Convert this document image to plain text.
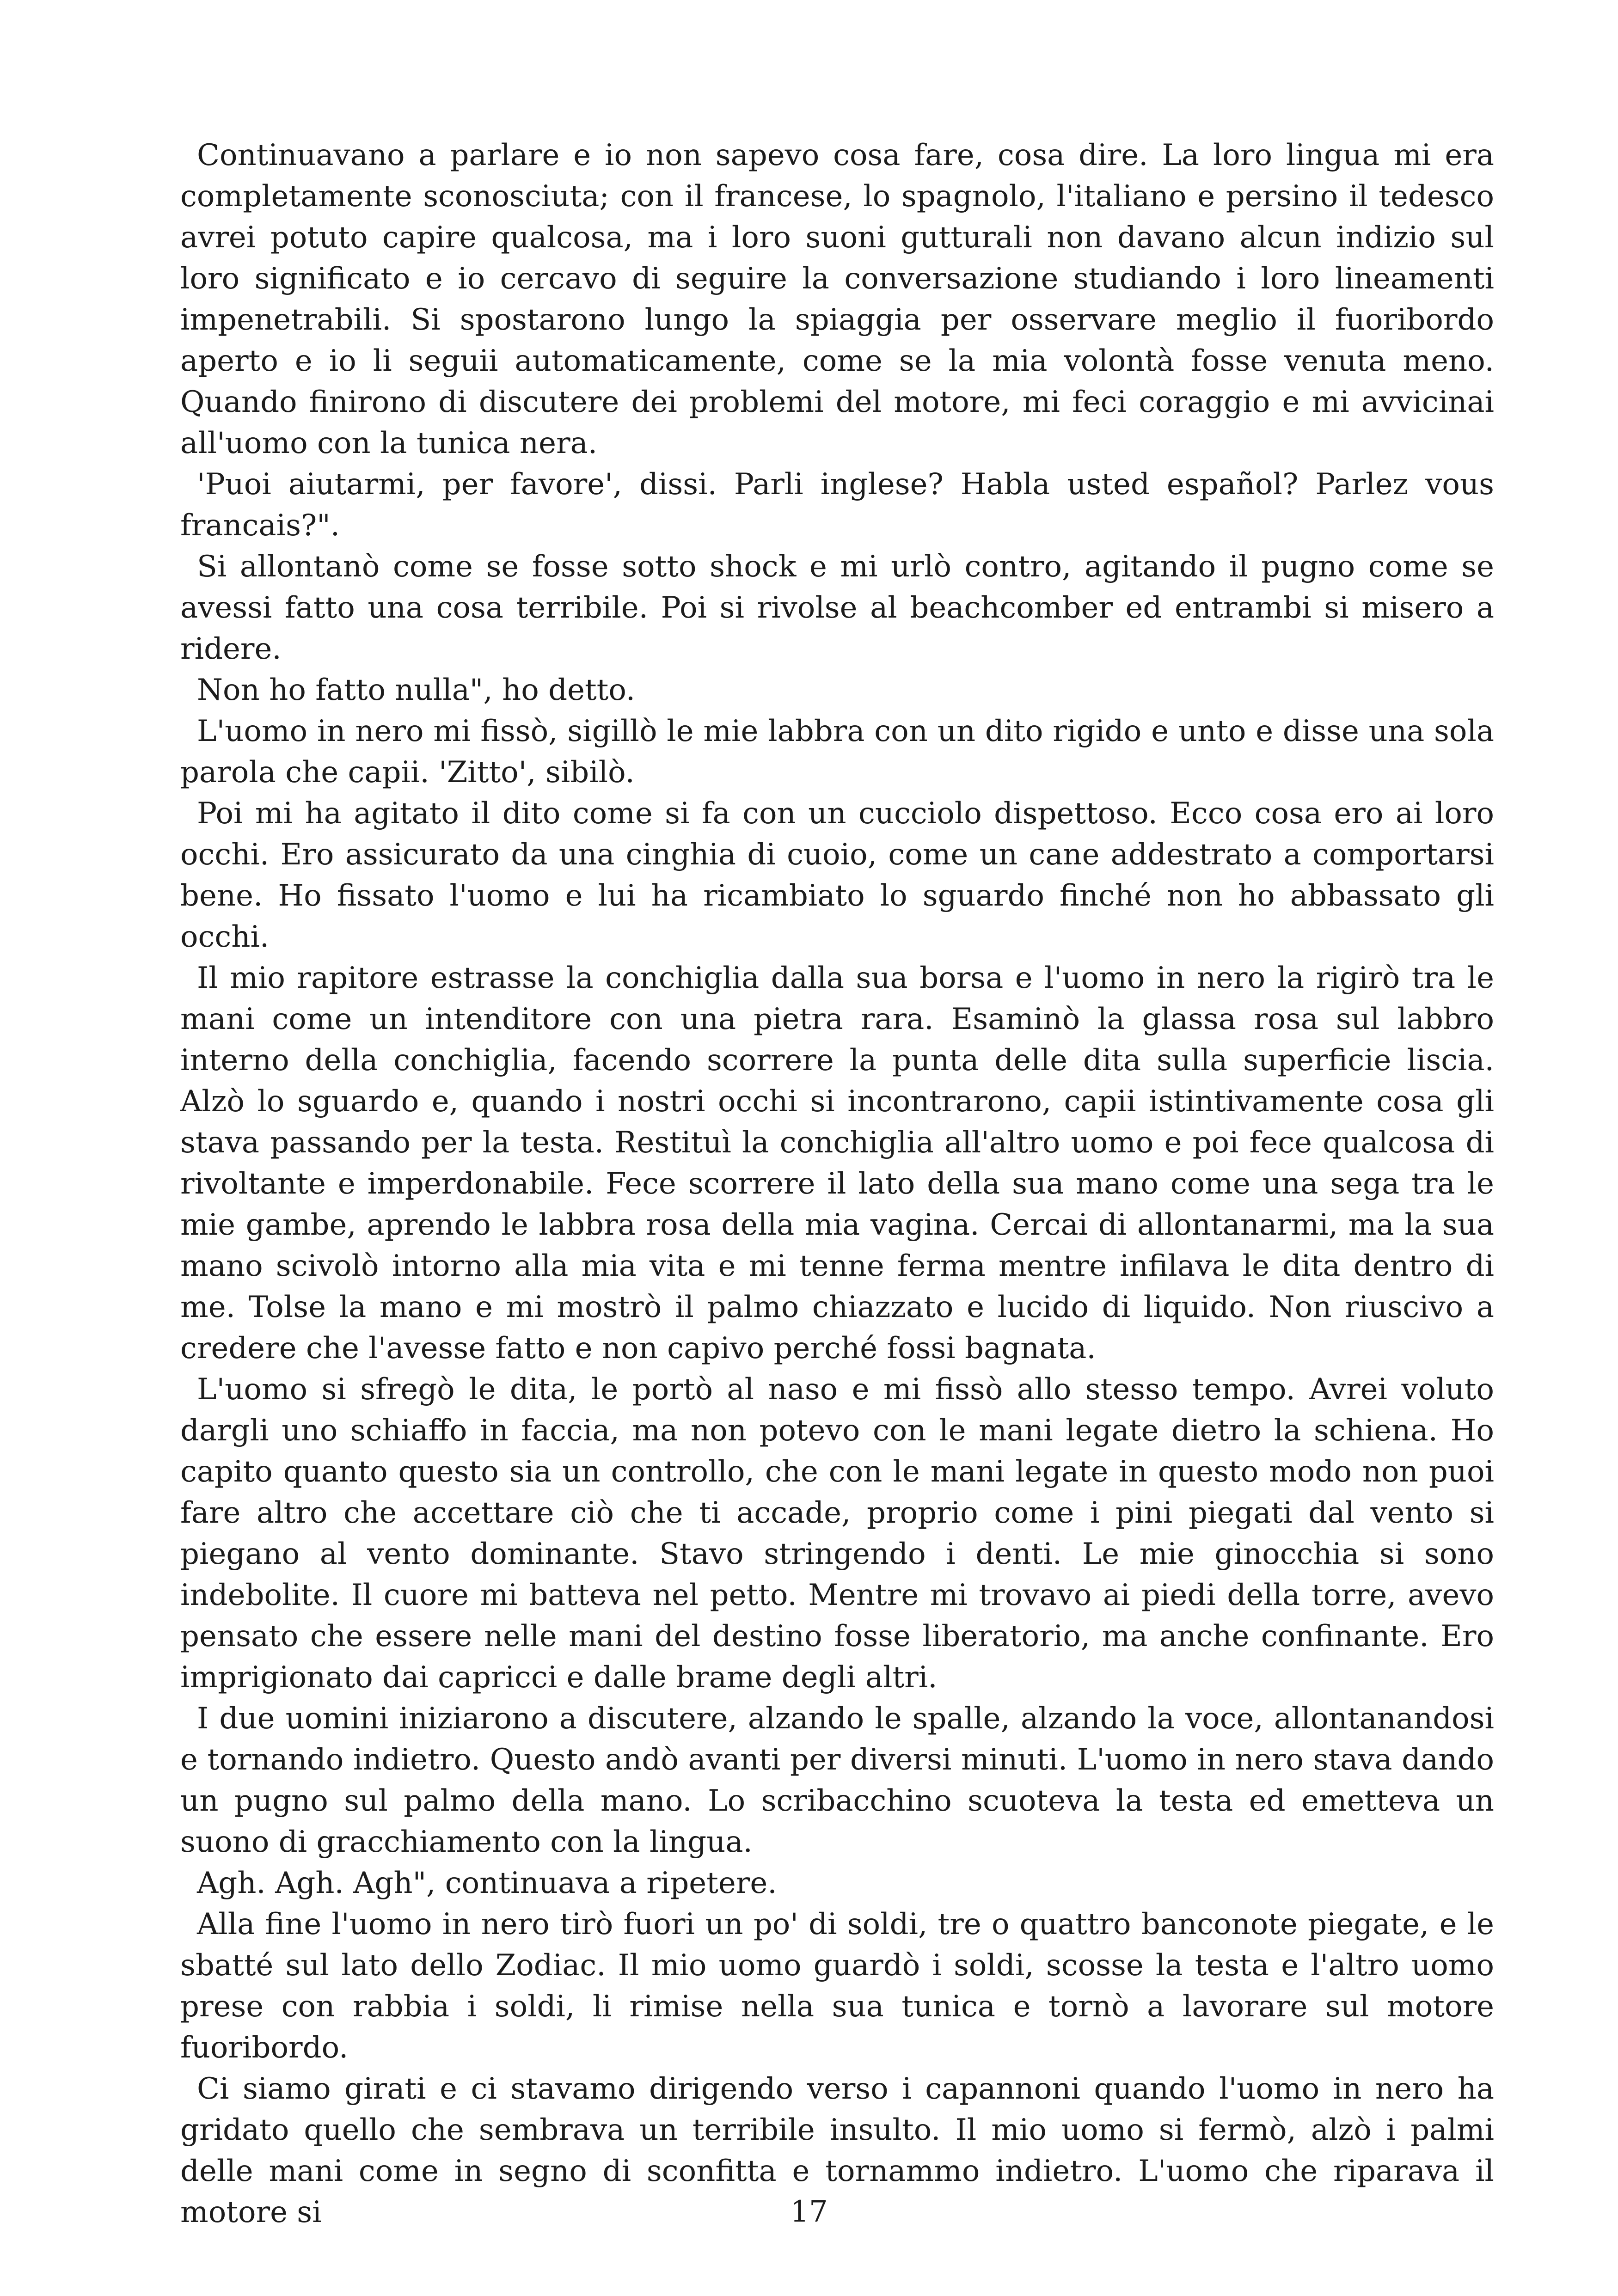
Continuavano a parlare e io non sapevo cosa fare, cosa dire. La loro lingua mi era completamente sconosciuta; con il francese, lo spagnolo, l'italiano e persino il tedesco avrei potuto capire qualcosa, ma i loro suoni gutturali non davano alcun indizio sul loro significato e io cercavo di seguire la conversazione studiando i loro lineamenti impenetrabili. Si spostarono lungo la spiaggia per osservare meglio il fuoribordo aperto e io li seguii automaticamente, come se la mia volontà fosse venuta meno. Quando finirono di discutere dei problemi del motore, mi feci coraggio e mi avvicinai all'uomo con la tunica nera.

'Puoi aiutarmi, per favore', dissi. Parli inglese? Habla usted español? Parlez vous francais?".

Si allontanò come se fosse sotto shock e mi urlò contro, agitando il pugno come se avessi fatto una cosa terribile. Poi si rivolse al beachcomber ed entrambi si misero a ridere.

Non ho fatto nulla", ho detto.

L'uomo in nero mi fissò, sigillò le mie labbra con un dito rigido e unto e disse una sola parola che capii. 'Zitto', sibilò.

Poi mi ha agitato il dito come si fa con un cucciolo dispettoso. Ecco cosa ero ai loro occhi. Ero assicurato da una cinghia di cuoio, come un cane addestrato a comportarsi bene. Ho fissato l'uomo e lui ha ricambiato lo sguardo finché non ho abbassato gli occhi.

Il mio rapitore estrasse la conchiglia dalla sua borsa e l'uomo in nero la rigirò tra le mani come un intenditore con una pietra rara. Esaminò la glassa rosa sul labbro interno della conchiglia, facendo scorrere la punta delle dita sulla superficie liscia. Alzò lo sguardo e, quando i nostri occhi si incontrarono, capii istintivamente cosa gli stava passando per la testa. Restituì la conchiglia all'altro uomo e poi fece qualcosa di rivoltante e imperdonabile. Fece scorrere il lato della sua mano come una sega tra le mie gambe, aprendo le labbra rosa della mia vagina. Cercai di allontanarmi, ma la sua mano scivolò intorno alla mia vita e mi tenne ferma mentre infilava le dita dentro di me. Tolse la mano e mi mostrò il palmo chiazzato e lucido di liquido. Non riuscivo a credere che l'avesse fatto e non capivo perché fossi bagnata.

L'uomo si sfregò le dita, le portò al naso e mi fissò allo stesso tempo. Avrei voluto dargli uno schiaffo in faccia, ma non potevo con le mani legate dietro la schiena. Ho capito quanto questo sia un controllo, che con le mani legate in questo modo non puoi fare altro che accettare ciò che ti accade, proprio come i pini piegati dal vento si piegano al vento dominante. Stavo stringendo i denti. Le mie ginocchia si sono indebolite. Il cuore mi batteva nel petto. Mentre mi trovavo ai piedi della torre, avevo pensato che essere nelle mani del destino fosse liberatorio, ma anche confinante. Ero imprigionato dai capricci e dalle brame degli altri.

I due uomini iniziarono a discutere, alzando le spalle, alzando la voce, allontanandosi e tornando indietro. Questo andò avanti per diversi minuti. L'uomo in nero stava dando un pugno sul palmo della mano. Lo scribacchino scuoteva la testa ed emetteva un suono di gracchiamento con la lingua.

Agh. Agh. Agh", continuava a ripetere.

Alla fine l'uomo in nero tirò fuori un po' di soldi, tre o quattro banconote piegate, e le sbatté sul lato dello Zodiac. Il mio uomo guardò i soldi, scosse la testa e l'altro uomo prese con rabbia i soldi, li rimise nella sua tunica e tornò a lavorare sul motore fuoribordo.

Ci siamo girati e ci stavamo dirigendo verso i capannoni quando l'uomo in nero ha gridato quello che sembrava un terribile insulto. Il mio uomo si fermò, alzò i palmi delle mani come in segno di sconfitta e tornammo indietro. L'uomo che riparava il motore si	17
